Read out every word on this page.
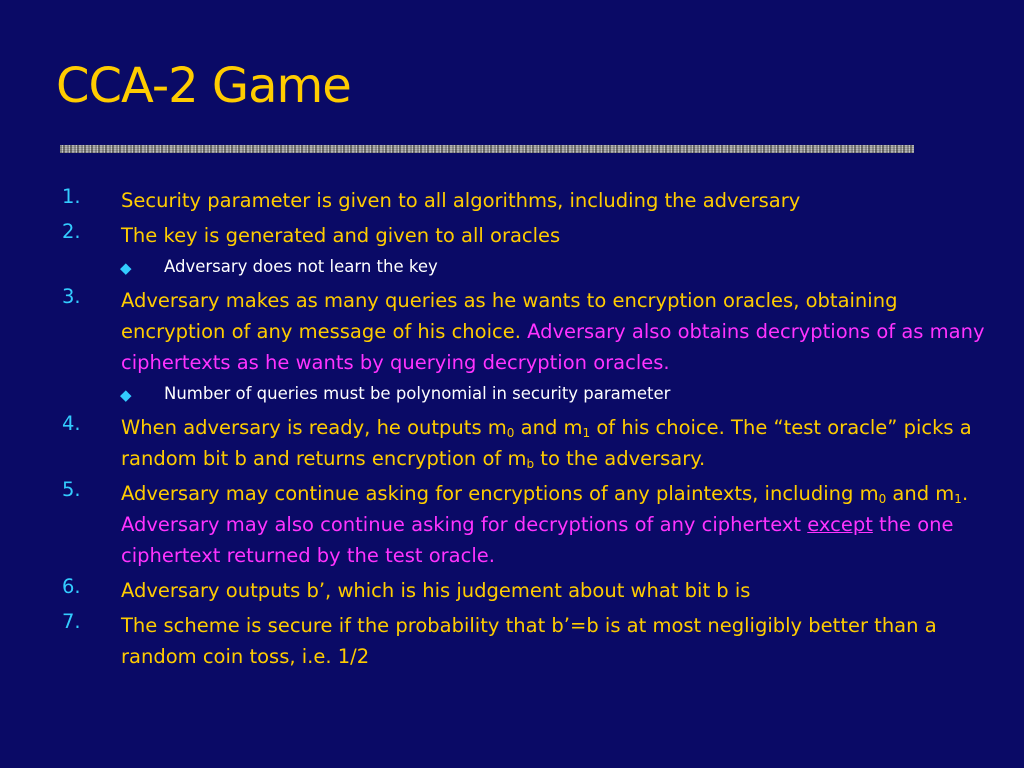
CCA-2 Game
1. Security parameter is given to all algorithms, including the adversary
2. The key is generated and given to all oracles
◆ Adversary does not learn the key
3. Adversary makes as many queries as he wants to encryption oracles, obtaining encryption of any message of his choice. Adversary also obtains decryptions of as many ciphertexts as he wants by querying decryption oracles.
◆ Number of queries must be polynomial in security parameter
4. When adversary is ready, he outputs $m_0$ and $m_1$ of his choice. The “test oracle” picks a random bit b and returns encryption of $m_b$ to the adversary.
5. Adversary may continue asking for encryptions of any plaintexts, including $m_0$ and $m_1$. Adversary may also continue asking for decryptions of any ciphertext except the one ciphertext returned by the test oracle.
6. Adversary outputs b’, which is his judgement about what bit b is
7. The scheme is secure if the probability that b’=b is at most negligibly better than a random coin toss, i.e. 1/2
